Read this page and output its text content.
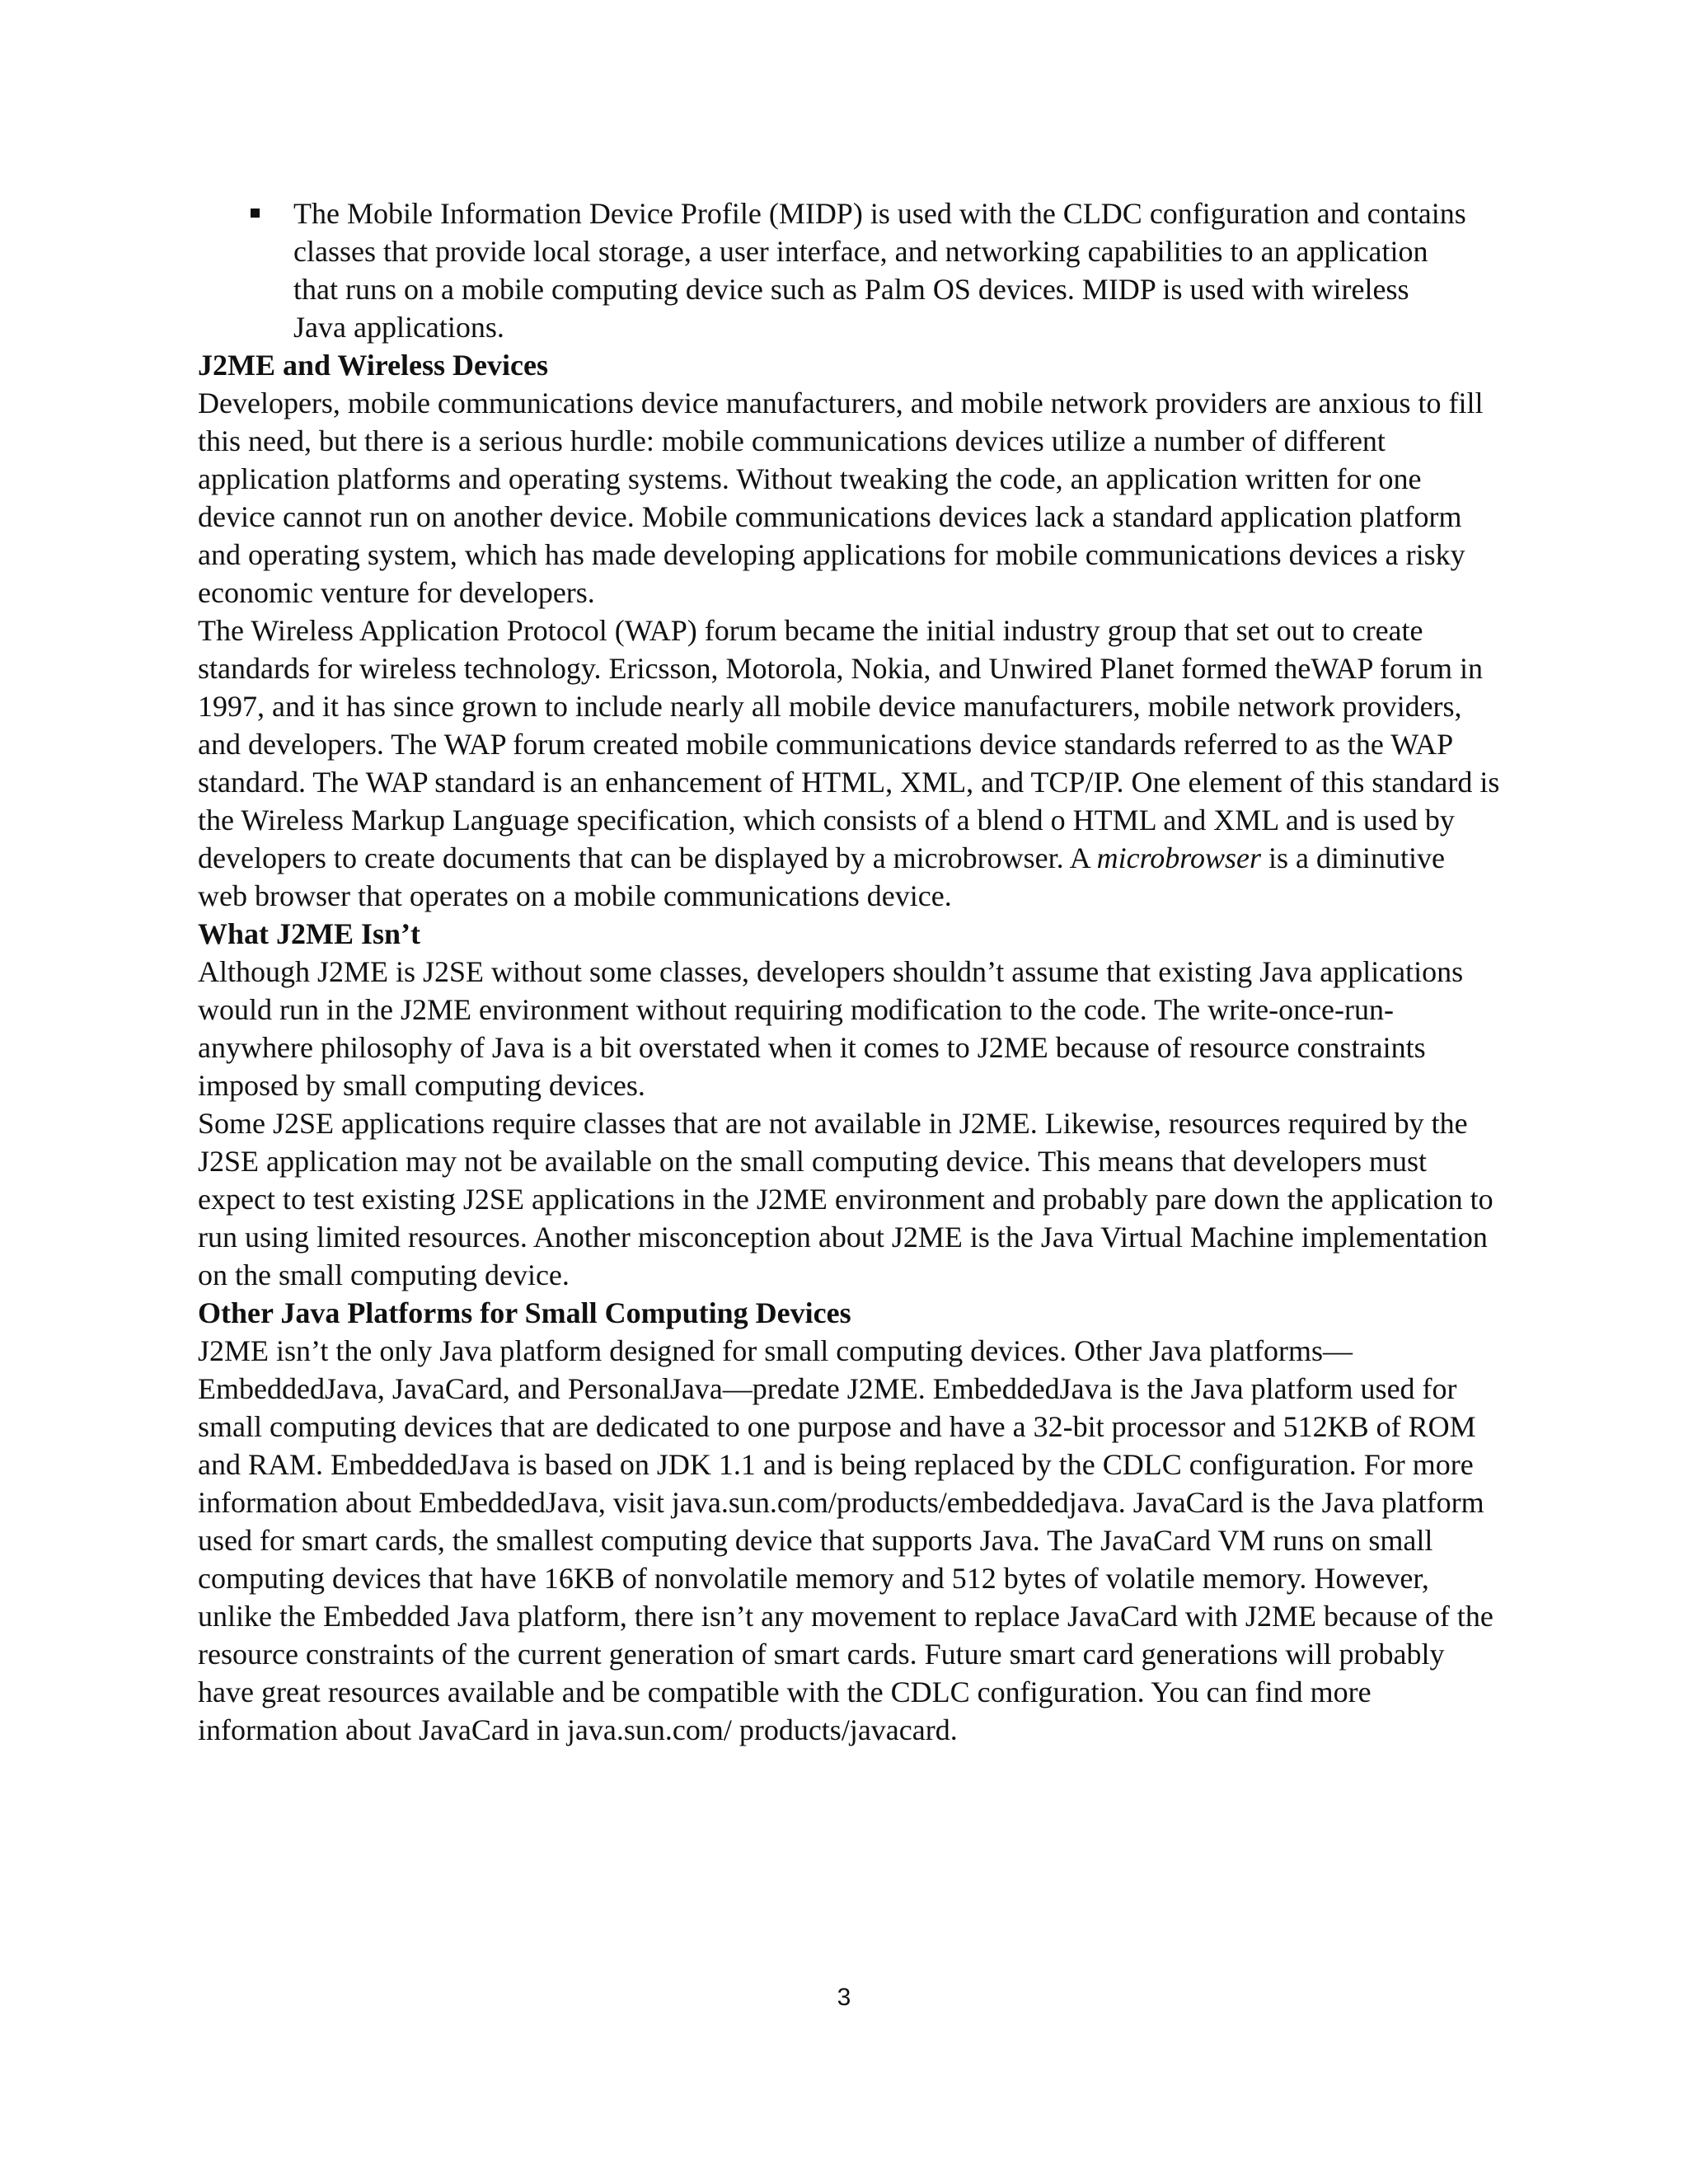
The Mobile Information Device Profile (MIDP) is used with the CLDC configuration and contains classes that provide local storage, a user interface, and networking capabilities to an application that runs on a mobile computing device such as Palm OS devices. MIDP is used with wireless Java applications.

J2ME and Wireless Devices

Developers, mobile communications device manufacturers, and mobile network providers are anxious to fill this need, but there is a serious hurdle: mobile communications devices utilize a number of different application platforms and operating systems. Without tweaking the code, an application written for one device cannot run on another device. Mobile communications devices lack a standard application platform and operating system, which has made developing applications for mobile communications devices a risky economic venture for developers.

The Wireless Application Protocol (WAP) forum became the initial industry group that set out to create standards for wireless technology. Ericsson, Motorola, Nokia, and Unwired Planet formed theWAP forum in 1997, and it has since grown to include nearly all mobile device manufacturers, mobile network providers, and developers. The WAP forum created mobile communications device standards referred to as the WAP standard. The WAP standard is an enhancement of HTML, XML, and TCP/IP. One element of this standard is the Wireless Markup Language specification, which consists of a blend o HTML and XML and is used by developers to create documents that can be displayed by a microbrowser. A microbrowser is a diminutive web browser that operates on a mobile communications device.

What J2ME Isn’t

Although J2ME is J2SE without some classes, developers shouldn’t assume that existing Java applications would run in the J2ME environment without requiring modification to the code. The write-once-run-anywhere philosophy of Java is a bit overstated when it comes to J2ME because of resource constraints imposed by small computing devices.

Some J2SE applications require classes that are not available in J2ME. Likewise, resources required by the J2SE application may not be available on the small computing device. This means that developers must expect to test existing J2SE applications in the J2ME environment and probably pare down the application to run using limited resources. Another misconception about J2ME is the Java Virtual Machine implementation on the small computing device.

Other Java Platforms for Small Computing Devices

J2ME isn’t the only Java platform designed for small computing devices. Other Java platforms—EmbeddedJava, JavaCard, and PersonalJava—predate J2ME. EmbeddedJava is the Java platform used for small computing devices that are dedicated to one purpose and have a 32-bit processor and 512KB of ROM and RAM. EmbeddedJava is based on JDK 1.1 and is being replaced by the CDLC configuration. For more information about EmbeddedJava, visit java.sun.com/products/embeddedjava. JavaCard is the Java platform used for smart cards, the smallest computing device that supports Java. The JavaCard VM runs on small computing devices that have 16KB of nonvolatile memory and 512 bytes of volatile memory. However, unlike the Embedded Java platform, there isn’t any movement to replace JavaCard with J2ME because of the resource constraints of the current generation of smart cards. Future smart card generations will probably have great resources available and be compatible with the CDLC configuration. You can find more information about JavaCard in java.sun.com/ products/javacard.

3
